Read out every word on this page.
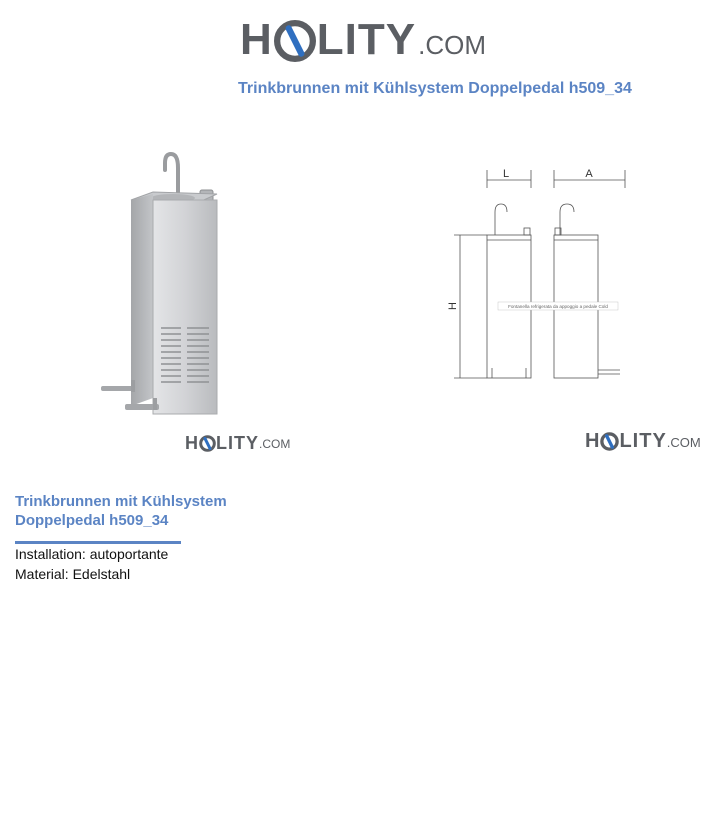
H LITY .COM
Trinkbrunnen mit Kühlsystem Doppelpedal h509_34
L	A
H	Fontanella refrigerata da appoggio a pedale Cold
H LITY .COM	H LITY .COM
Trinkbrunnen mit Kühlsystem
Doppelpedal h509_34
Installation: autoportante
Material: Edelstahl
